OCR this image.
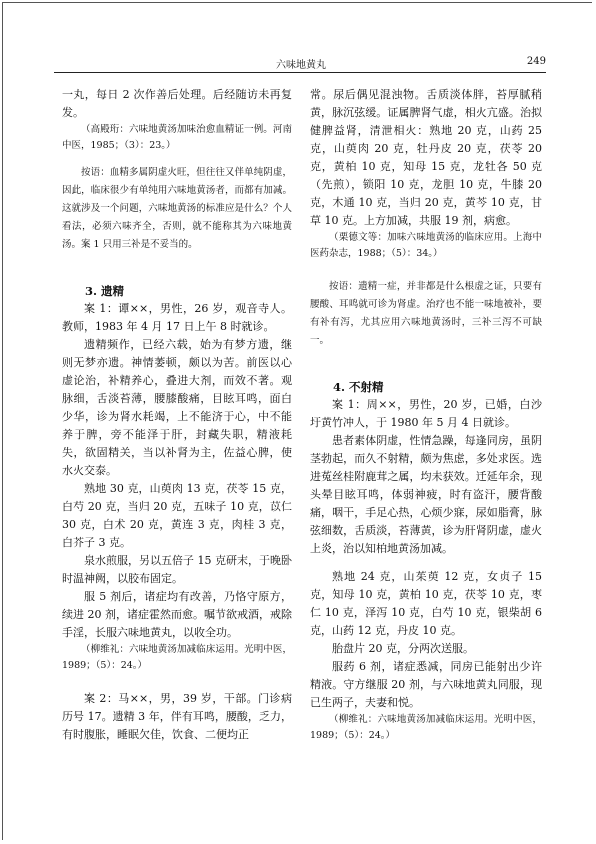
六味地黄丸	249

一丸，每日 2 次作善后处理。后经随访未再复发。

（高殿珩：六味地黄汤加味治愈血精证一例。河南中医，1985；（3）：23。）

按语：血精多属阴虚火旺，但往往又伴单纯阴虚，因此，临床很少有单纯用六味地黄汤者，而都有加减。这就涉及一个问题，六味地黄汤的标准应是什么？个人看法，必须六味齐全，否则，就不能称其为六味地黄汤。案 1 只用三补是不妥当的。

3. 遗精

案 1：谭××，男性，26 岁，观音寺人。教师，1983 年 4 月 17 日上午 8 时就诊。

遗精频作，已经六载，始为有梦方遗，继则无梦亦遗。神情萎顿，颇以为苦。前医以心虚论治，补精养心，叠进大剂，而效不著。观脉细，舌淡苔薄，腰膝酸痛，目眩耳鸣，面白少华，诊为肾水耗竭，上不能济于心，中不能养于脾，旁不能泽于肝，封藏失职，精液耗失，欲固精关，当以补肾为主，佐益心脾，使水火交泰。

熟地 30 克，山萸肉 13 克，茯苓 15 克，白芍 20 克，当归 20 克，五味子 10 克，苡仁 30 克，白术 20 克，黄连 3 克，肉桂 3 克，白芥子 3 克。

泉水煎服，另以五倍子 15 克研末，于晚卧时温神阙，以胶布固定。

服 5 剂后，诸症均有改善，乃恪守原方，续进 20 剂，诸症霍然而愈。嘱节欲戒酒，戒除手淫，长服六味地黄丸，以收全功。

（柳维礼：六味地黄汤加减临床运用。光明中医，1989；（5）：24。）

案 2：马××，男，39 岁，干部。门诊病历号 17。遗精 3 年，伴有耳鸣，腰酸，乏力，有时腹胀，睡眠欠佳，饮食、二便均正

常。尿后偶见混浊物。舌质淡体胖，苔厚腻稍黄，脉沉弦缓。证属脾肾气虚，相火亢盛。治拟健脾益肾，清泄相火：熟地 20 克，山药 25 克，山萸肉 20 克，牡丹皮 20 克，茯苓 20 克，黄柏 10 克，知母 15 克，龙牡各 50 克（先煎），锁阳 10 克，龙胆 10 克，牛膝 20 克，木通 10 克，当归 20 克，黄芩 10 克，甘草 10 克。上方加减，共服 19 剂，病愈。

（栗德文等：加味六味地黄汤的临床应用。上海中医药杂志，1988；（5）：34。）

按语：遗精一症，并非都是什么根虚之证，只要有腰酸、耳鸣就可诊为肾虚。治疗也不能一味地被补，要有补有泻，尤其应用六味地黄汤时，三补三泻不可缺一。

4. 不射精

案 1：周××，男性，20 岁，已婚，白沙圩黄竹冲人，于 1980 年 5 月 4 日就诊。

患者素体阴虚，性情急躁，每逢同房，虽阴茎勃起，而久不射精，颇为焦虑，多处求医。选进菟丝桂附鹿茸之属，均未获效。迁延年余，现头晕目眩耳鸣，体弱神疲，时有盗汗，腰背酸痛，咽干，手足心热，心烦少寐，尿如脂膏，脉弦细数，舌质淡，苔薄黄，诊为肝肾阴虚，虚火上炎，治以知柏地黄汤加减。

熟地 24 克，山茱萸 12 克，女贞子 15 克，知母 10 克，黄柏 10 克，茯苓 10 克，枣仁 10 克，泽泻 10 克，白芍 10 克，银柴胡 6 克，山药 12 克，丹皮 10 克。

胎盘片 20 克，分两次送服。

服药 6 剂，诸症悉减，同房已能射出少许精液。守方继服 20 剂，与六味地黄丸同服，现已生两子，夫妻和悦。

（柳维礼：六味地黄汤加减临床运用。光明中医，1989；（5）：24。）
